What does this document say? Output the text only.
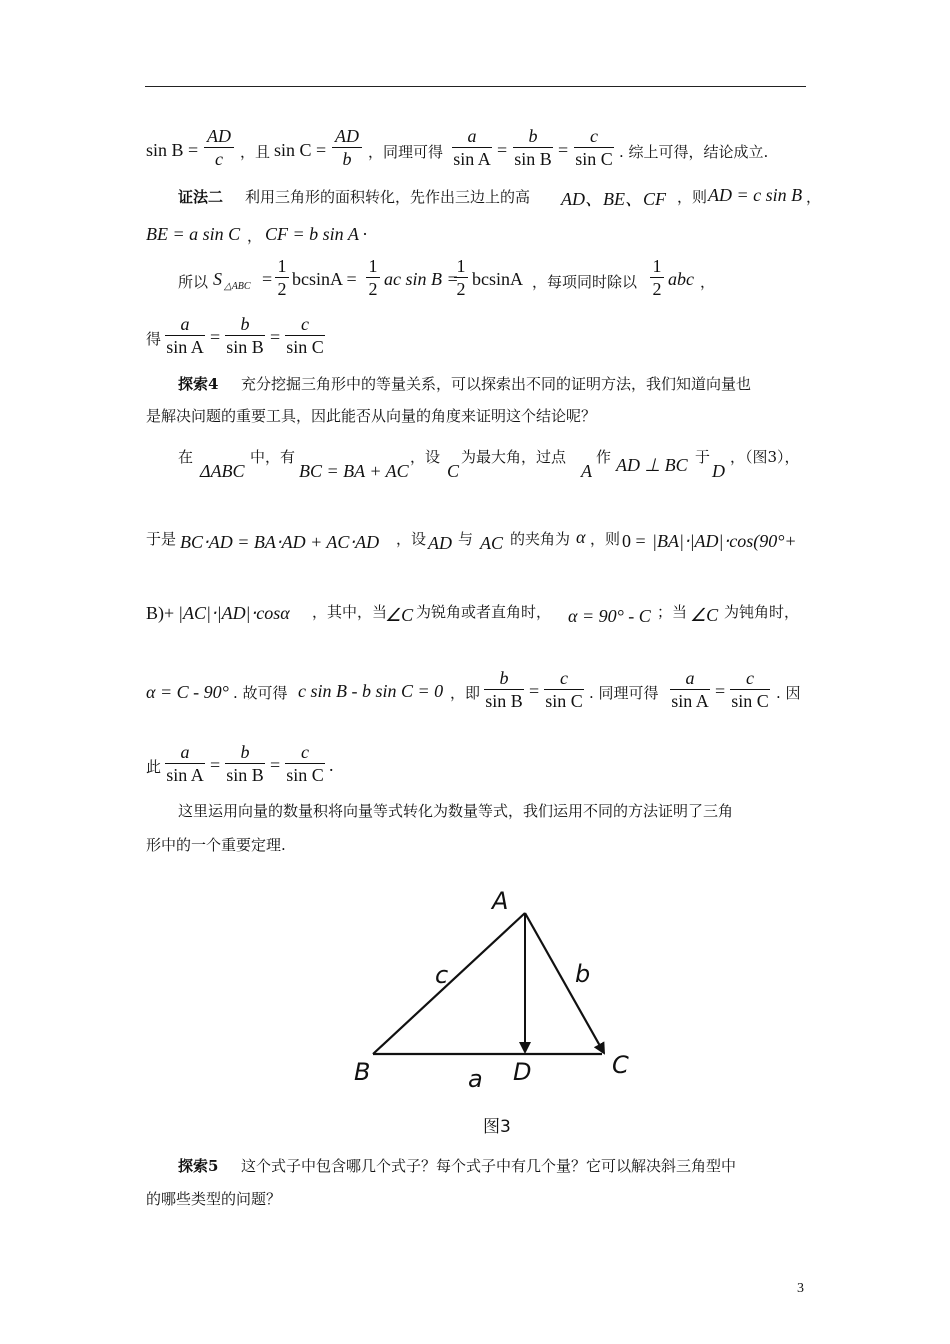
sin B =
AD
c	，且 sin C =
AD
b	，同理可得
a
sin A =
b
sin B =
c
sin C . 综上可得，结论成立.
证法二 利用三角形的面积转化，先作出三边上的高 AD、BE、CF ，则 AD = c sin B ，
BE = a sin C ， CF = b sin A ·
所以 S △ABC =
1
2 bcsinA =
1
2 ac sin B =
1
2 bcsinA ，每项同时除以
1
2 abc ，
得
a
sin A =
b
sin B =
c
sin C
探索4 充分挖掘三角形中的等量关系，可以探索出不同的证明方法，我们知道向量也
是解决问题的重要工具，因此能否从向量的角度来证明这个结论呢？
在
ΔABC
中，有
BC = BA + AC
，设
C
为最大角，过点
A
作 AD ⊥ BC 于
D
，（图3），
于是 BC⋅AD = BA⋅AD + AC⋅AD ，设 AD 与 AC 的夹角为 α ，则 0 = |BA|⋅|AD|⋅cos(90°+
B)+ |AC|⋅|AD|⋅cosα ，其中，当
∠C 为锐角或者直角时， α = 90° - C ；当 ∠C 为钝角时，
α = C - 90° . 故可得 c sin B - b sin C = 0 ，即
b
sin B =
c
sin C . 同理可得
a
sin A =
c
sin C . 因
此
a
sin A =
b
sin B =
c
sin C .
这里运用向量的数量积将向量等式转化为数量等式，我们运用不同的方法证明了三角
形中的一个重要定理.
A
B	C
D
c	b
a
图3
探索5 这个式子中包含哪几个式子？每个式子中有几个量？它可以解决斜三角型中
的哪些类型的问题？
3
